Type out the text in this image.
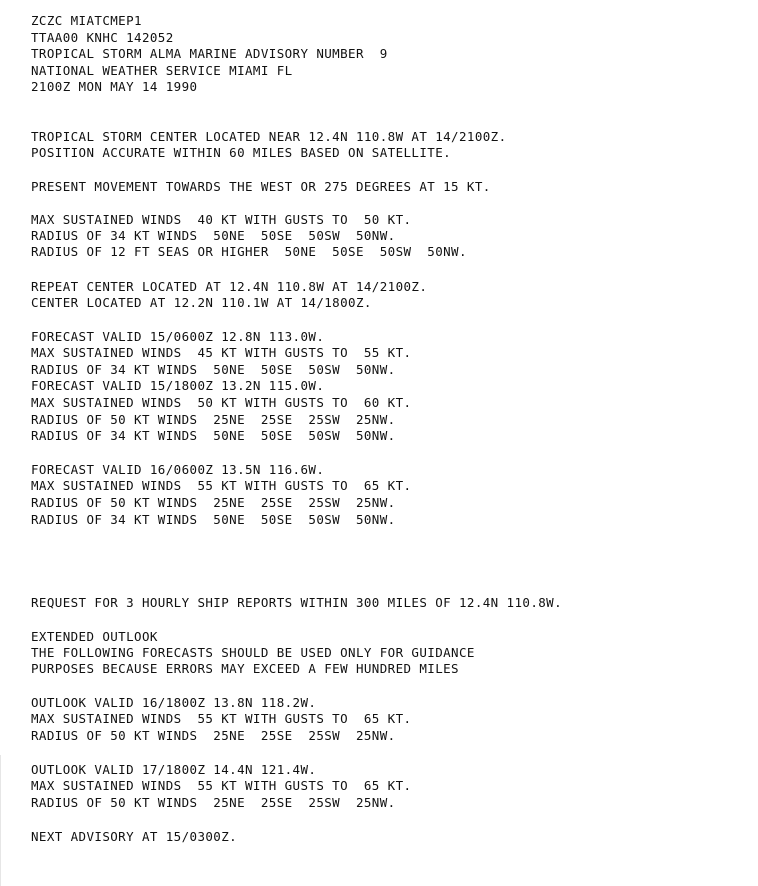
ZCZC MIATCMEP1
TTAA00 KNHC 142052
TROPICAL STORM ALMA MARINE ADVISORY NUMBER  9
NATIONAL WEATHER SERVICE MIAMI FL
2100Z MON MAY 14 1990
TROPICAL STORM CENTER LOCATED NEAR 12.4N 110.8W AT 14/2100Z.
POSITION ACCURATE WITHIN 60 MILES BASED ON SATELLITE.
PRESENT MOVEMENT TOWARDS THE WEST OR 275 DEGREES AT 15 KT.
MAX SUSTAINED WINDS  40 KT WITH GUSTS TO  50 KT.
RADIUS OF 34 KT WINDS  50NE  50SE  50SW  50NW.
RADIUS OF 12 FT SEAS OR HIGHER  50NE  50SE  50SW  50NW.
REPEAT CENTER LOCATED AT 12.4N 110.8W AT 14/2100Z.
CENTER LOCATED AT 12.2N 110.1W AT 14/1800Z.
FORECAST VALID 15/0600Z 12.8N 113.0W.
MAX SUSTAINED WINDS  45 KT WITH GUSTS TO  55 KT.
RADIUS OF 34 KT WINDS  50NE  50SE  50SW  50NW.
FORECAST VALID 15/1800Z 13.2N 115.0W.
MAX SUSTAINED WINDS  50 KT WITH GUSTS TO  60 KT.
RADIUS OF 50 KT WINDS  25NE  25SE  25SW  25NW.
RADIUS OF 34 KT WINDS  50NE  50SE  50SW  50NW.
FORECAST VALID 16/0600Z 13.5N 116.6W.
MAX SUSTAINED WINDS  55 KT WITH GUSTS TO  65 KT.
RADIUS OF 50 KT WINDS  25NE  25SE  25SW  25NW.
RADIUS OF 34 KT WINDS  50NE  50SE  50SW  50NW.
REQUEST FOR 3 HOURLY SHIP REPORTS WITHIN 300 MILES OF 12.4N 110.8W.
EXTENDED OUTLOOK
THE FOLLOWING FORECASTS SHOULD BE USED ONLY FOR GUIDANCE
PURPOSES BECAUSE ERRORS MAY EXCEED A FEW HUNDRED MILES
OUTLOOK VALID 16/1800Z 13.8N 118.2W.
MAX SUSTAINED WINDS  55 KT WITH GUSTS TO  65 KT.
RADIUS OF 50 KT WINDS  25NE  25SE  25SW  25NW.
OUTLOOK VALID 17/1800Z 14.4N 121.4W.
MAX SUSTAINED WINDS  55 KT WITH GUSTS TO  65 KT.
RADIUS OF 50 KT WINDS  25NE  25SE  25SW  25NW.
NEXT ADVISORY AT 15/0300Z.
